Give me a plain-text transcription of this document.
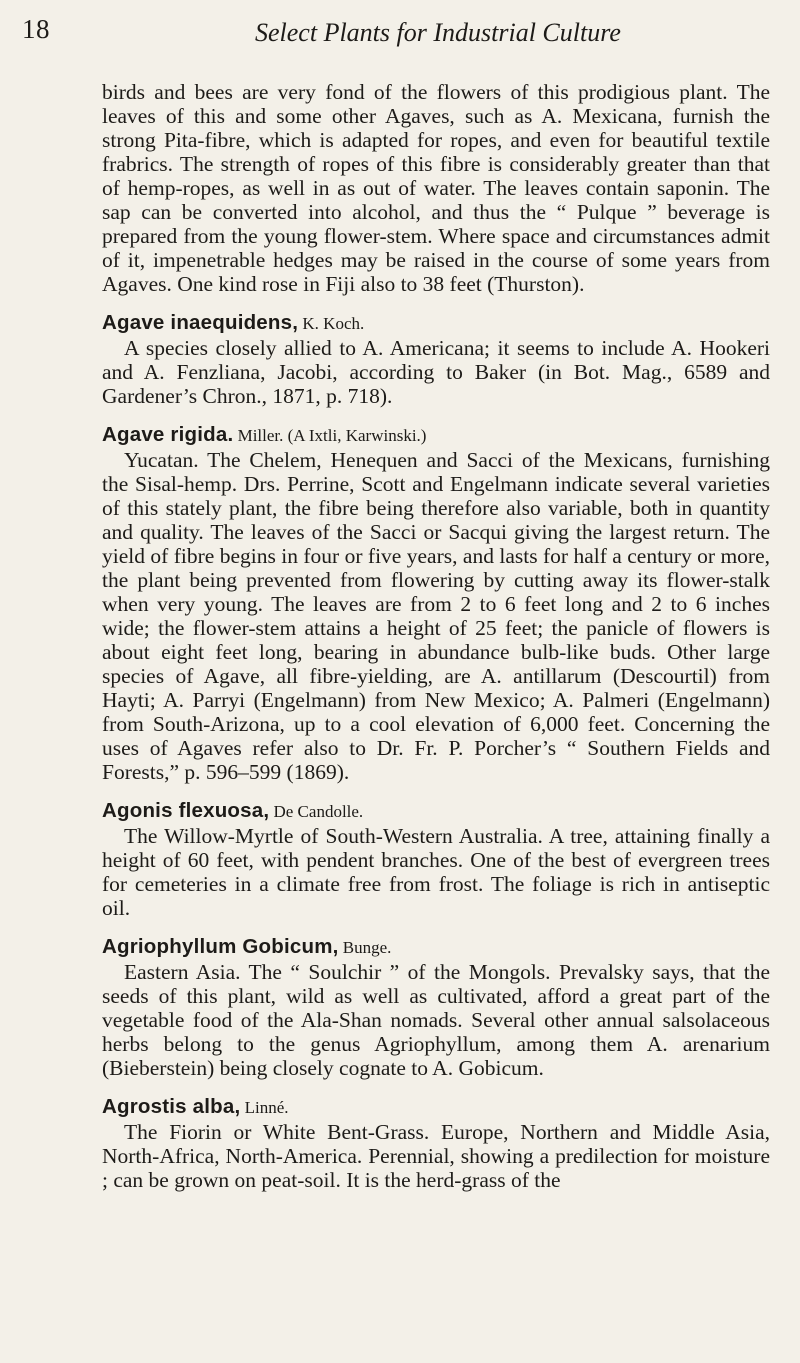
18	Select Plants for Industrial Culture

birds and bees are very fond of the flowers of this prodigious plant. The leaves of this and some other Agaves, such as A. Mexicana, furnish the strong Pita-fibre, which is adapted for ropes, and even for beautiful textile frabrics. The strength of ropes of this fibre is considerably greater than that of hemp-ropes, as well in as out of water. The leaves contain saponin. The sap can be converted into alcohol, and thus the “ Pulque ” beverage is prepared from the young flower-stem. Where space and circumstances admit of it, impenetrable hedges may be raised in the course of some years from Agaves. One kind rose in Fiji also to 38 feet (Thurston).

Agave inaequidens, K. Koch.

A species closely allied to A. Americana; it seems to include A. Hookeri and A. Fenzliana, Jacobi, according to Baker (in Bot. Mag., 6589 and Gardener’s Chron., 1871, p. 718).

Agave rigida. Miller. (A Ixtli, Karwinski.)

Yucatan. The Chelem, Henequen and Sacci of the Mexicans, furnishing the Sisal-hemp. Drs. Perrine, Scott and Engelmann indicate several varieties of this stately plant, the fibre being therefore also variable, both in quantity and quality. The leaves of the Sacci or Sacqui giving the largest return. The yield of fibre begins in four or five years, and lasts for half a century or more, the plant being prevented from flowering by cutting away its flower-stalk when very young. The leaves are from 2 to 6 feet long and 2 to 6 inches wide; the flower-stem attains a height of 25 feet; the panicle of flowers is about eight feet long, bearing in abundance bulb-like buds. Other large species of Agave, all fibre-yielding, are A. antillarum (Descourtil) from Hayti; A. Parryi (Engelmann) from New Mexico; A. Palmeri (Engelmann) from South-Arizona, up to a cool elevation of 6,000 feet. Concerning the uses of Agaves refer also to Dr. Fr. P. Porcher’s “ Southern Fields and Forests,” p. 596–599 (1869).

Agonis flexuosa, De Candolle.

The Willow-Myrtle of South-Western Australia. A tree, attaining finally a height of 60 feet, with pendent branches. One of the best of evergreen trees for cemeteries in a climate free from frost. The foliage is rich in antiseptic oil.

Agriophyllum Gobicum, Bunge.

Eastern Asia. The “ Soulchir ” of the Mongols. Prevalsky says, that the seeds of this plant, wild as well as cultivated, afford a great part of the vegetable food of the Ala-Shan nomads. Several other annual salsolaceous herbs belong to the genus Agriophyllum, among them A. arenarium (Bieberstein) being closely cognate to A. Gobicum.

Agrostis alba, Linné.

The Fiorin or White Bent-Grass. Europe, Northern and Middle Asia, North-Africa, North-America. Perennial, showing a predilection for moisture ; can be grown on peat-soil. It is the herd-grass of the
